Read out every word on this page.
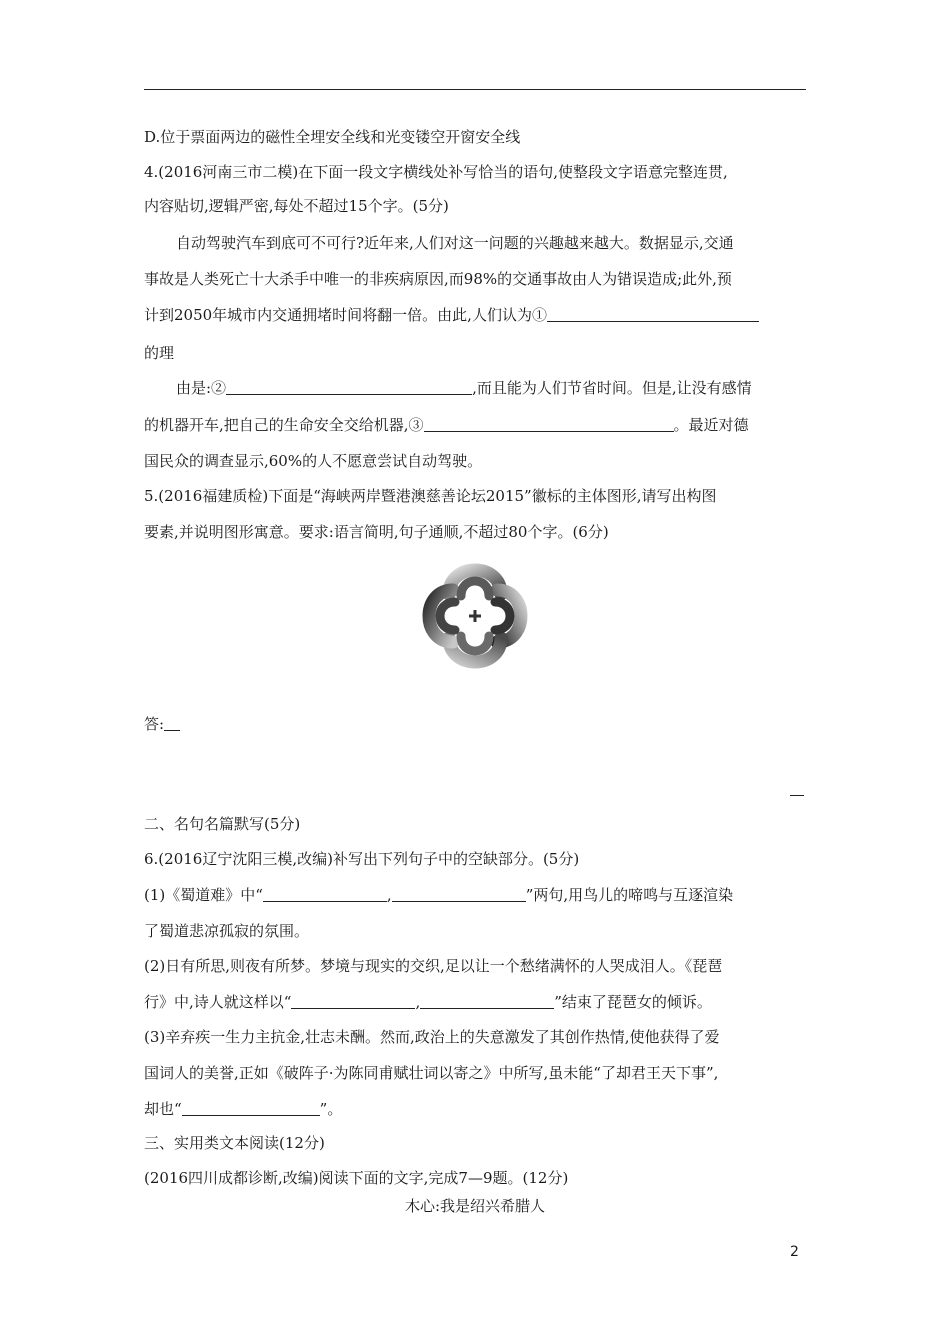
D.位于票面两边的磁性全埋安全线和光变镂空开窗安全线
4.(2016河南三市二模)在下面一段文字横线处补写恰当的语句,使整段文字语意完整连贯,
内容贴切,逻辑严密,每处不超过15个字。(5分)
自动驾驶汽车到底可不可行?近年来,人们对这一问题的兴趣越来越大。数据显示,交通
事故是人类死亡十大杀手中唯一的非疾病原因,而98%的交通事故由人为错误造成;此外,预
计到2050年城市内交通拥堵时间将翻一倍。由此,人们认为①
的理
由是:②	,而且能为人们节省时间。但是,让没有感情
的机器开车,把自己的生命安全交给机器,③	。最近对德
国民众的调查显示,60%的人不愿意尝试自动驾驶。
5.(2016福建质检)下面是“海峡两岸暨港澳慈善论坛2015”徽标的主体图形,请写出构图
要素,并说明图形寓意。要求:语言简明,句子通顺,不超过80个字。(6分)
答:
二、名句名篇默写(5分)
6.(2016辽宁沈阳三模,改编)补写出下列句子中的空缺部分。(5分)
(1)《蜀道难》中“	,	”两句,用鸟儿的啼鸣与互逐渲染
了蜀道悲凉孤寂的氛围。
(2)日有所思,则夜有所梦。梦境与现实的交织,足以让一个愁绪满怀的人哭成泪人。《琵琶
行》中,诗人就这样以“	,	”结束了琵琶女的倾诉。
(3)辛弃疾一生力主抗金,壮志未酬。然而,政治上的失意激发了其创作热情,使他获得了爱
国词人的美誉,正如《破阵子·为陈同甫赋壮词以寄之》中所写,虽未能“了却君王天下事”,
却也“	”。
三、实用类文本阅读(12分)
(2016四川成都诊断,改编)阅读下面的文字,完成7—9题。(12分)
木心:我是绍兴希腊人
2
